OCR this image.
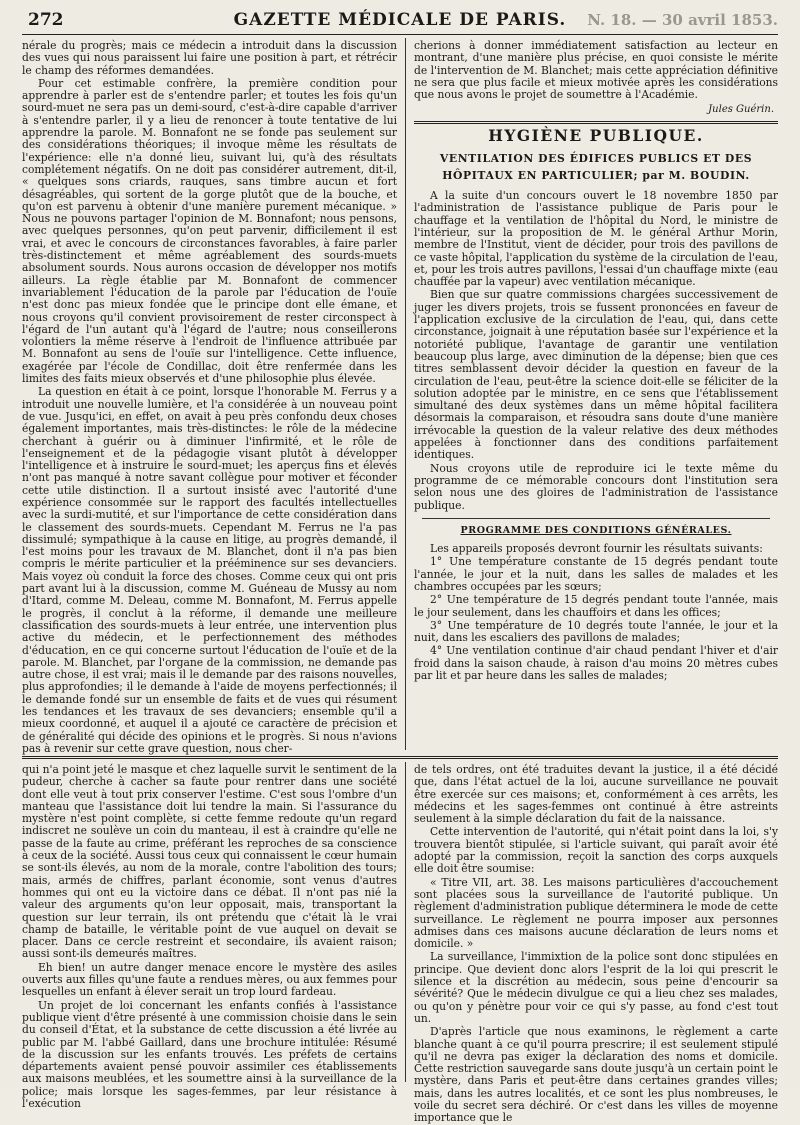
272	GAZETTE MÉDICALE DE PARIS.	N. 18. — 30 avril 1853.

nérale du progrès; mais ce médecin a introduit dans la discussion des vues qui nous paraissent lui faire une position à part, et rétrécir le champ des réformes demandées.

Pour cet estimable confrère, la première condition pour apprendre à parler est de s'entendre parler; et toutes les fois qu'un sourd-muet ne sera pas un demi-sourd, c'est-à-dire capable d'arriver à s'entendre parler, il y a lieu de renoncer à toute tentative de lui apprendre la parole. M. Bonnafont ne se fonde pas seulement sur des considérations théoriques; il invoque même les résultats de l'expérience: elle n'a donné lieu, suivant lui, qu'à des résultats complétement négatifs. On ne doit pas considérer autrement, dit-il, « quelques sons criards, rauques, sans timbre aucun et fort désagréables, qui sortent de la gorge plutôt que de la bouche, et qu'on est parvenu à obtenir d'une manière purement mécanique. » Nous ne pouvons partager l'opinion de M. Bonnafont; nous pensons, avec quelques personnes, qu'on peut parvenir, difficilement il est vrai, et avec le concours de circonstances favorables, à faire parler très-distinctement et même agréablement des sourds-muets absolument sourds. Nous aurons occasion de développer nos motifs ailleurs. La règle établie par M. Bonnafont de commencer invariablement l'éducation de la parole par l'éducation de l'ouïe n'est donc pas mieux fondée que le principe dont elle émane, et nous croyons qu'il convient provisoirement de rester circonspect à l'égard de l'un autant qu'à l'égard de l'autre; nous conseillerons volontiers la même réserve à l'endroit de l'influence attribuée par M. Bonnafont au sens de l'ouïe sur l'intelligence. Cette influence, exagérée par l'école de Condillac, doit être renfermée dans les limites des faits mieux observés et d'une philosophie plus élevée.

La question en était à ce point, lorsque l'honorable M. Ferrus y a introduit une nouvelle lumière, et l'a considérée à un nouveau point de vue. Jusqu'ici, en effet, on avait à peu près confondu deux choses également importantes, mais très-distinctes: le rôle de la médecine cherchant à guérir ou à diminuer l'infirmité, et le rôle de l'enseignement et de la pédagogie visant plutôt à développer l'intelligence et à instruire le sourd-muet; les aperçus fins et élevés n'ont pas manqué à notre savant collègue pour motiver et féconder cette utile distinction. Il a surtout insisté avec l'autorité d'une expérience consommée sur le rapport des facultés intellectuelles avec la surdi-mutité, et sur l'importance de cette considération dans le classement des sourds-muets. Cependant M. Ferrus ne l'a pas dissimulé; sympathique à la cause en litige, au progrès demandé, il l'est moins pour les travaux de M. Blanchet, dont il n'a pas bien compris le mérite particulier et la prééminence sur ses devanciers. Mais voyez où conduit la force des choses. Comme ceux qui ont pris part avant lui à la discussion, comme M. Guéneau de Mussy au nom d'Itard, comme M. Deleau, comme M. Bonnafont, M. Ferrus appelle le progrès, il conclut à la réforme, il demande une meilleure classification des sourds-muets à leur entrée, une intervention plus active du médecin, et le perfectionnement des méthodes d'éducation, en ce qui concerne surtout l'éducation de l'ouïe et de la parole. M. Blanchet, par l'organe de la commission, ne demande pas autre chose, il est vrai; mais il le demande par des raisons nouvelles, plus approfondies; il le demande à l'aide de moyens perfectionnés; il le demande fondé sur un ensemble de faits et de vues qui résument les tendances et les travaux de ses devanciers; ensemble qu'il a mieux coordonné, et auquel il a ajouté ce caractère de précision et de généralité qui décide des opinions et le progrès. Si nous n'avions pas à revenir sur cette grave question, nous cher-

cherions à donner immédiatement satisfaction au lecteur en montrant, d'une manière plus précise, en quoi consiste le mérite de l'intervention de M. Blanchet; mais cette appréciation définitive ne sera que plus facile et mieux motivée après les considérations que nous avons le projet de soumettre à l'Académie.

Jules Guérin.
HYGIÈNE PUBLIQUE.
VENTILATION DES ÉDIFICES PUBLICS ET DES HÔPITAUX EN PARTICULIER; par M. BOUDIN.

A la suite d'un concours ouvert le 18 novembre 1850 par l'administration de l'assistance publique de Paris pour le chauffage et la ventilation de l'hôpital du Nord, le ministre de l'intérieur, sur la proposition de M. le général Arthur Morin, membre de l'Institut, vient de décider, pour trois des pavillons de ce vaste hôpital, l'application du système de la circulation de l'eau, et, pour les trois autres pavillons, l'essai d'un chauffage mixte (eau chauffée par la vapeur) avec ventilation mécanique.

Bien que sur quatre commissions chargées successivement de juger les divers projets, trois se fussent prononcées en faveur de l'application exclusive de la circulation de l'eau, qui, dans cette circonstance, joignait à une réputation basée sur l'expérience et la notoriété publique, l'avantage de garantir une ventilation beaucoup plus large, avec diminution de la dépense; bien que ces titres semblassent devoir décider la question en faveur de la circulation de l'eau, peut-être la science doit-elle se féliciter de la solution adoptée par le ministre, en ce sens que l'établissement simultané des deux systèmes dans un même hôpital facilitera désormais la comparaison, et résoudra sans doute d'une manière irrévocable la question de la valeur relative des deux méthodes appelées à fonctionner dans des conditions parfaitement identiques.

Nous croyons utile de reproduire ici le texte même du programme de ce mémorable concours dont l'institution sera selon nous une des gloires de l'administration de l'assistance publique.

PROGRAMME DES CONDITIONS GÉNÉRALES.

Les appareils proposés devront fournir les résultats suivants:

1° Une température constante de 15 degrés pendant toute l'année, le jour et la nuit, dans les salles de malades et les chambres occupées par les sœurs;

2° Une température de 15 degrés pendant toute l'année, mais le jour seulement, dans les chauffoirs et dans les offices;

3° Une température de 10 degrés toute l'année, le jour et la nuit, dans les escaliers des pavillons de malades;

4° Une ventilation continue d'air chaud pendant l'hiver et d'air froid dans la saison chaude, à raison d'au moins 20 mètres cubes par lit et par heure dans les salles de malades;

qui n'a point jeté le masque et chez laquelle survit le sentiment de la pudeur, cherche à cacher sa faute pour rentrer dans une société dont elle veut à tout prix conserver l'estime. C'est sous l'ombre d'un manteau que l'assistance doit lui tendre la main. Si l'assurance du mystère n'est point complète, si cette femme redoute qu'un regard indiscret ne soulève un coin du manteau, il est à craindre qu'elle ne passe de la faute au crime, préférant les reproches de sa conscience à ceux de la société. Aussi tous ceux qui connaissent le cœur humain se sont-ils élevés, au nom de la morale, contre l'abolition des tours; mais, armés de chiffres, parlant économie, sont venus d'autres hommes qui ont eu la victoire dans ce débat. Il n'ont pas nié la valeur des arguments qu'on leur opposait, mais, transportant la question sur leur terrain, ils ont prétendu que c'était là le vrai champ de bataille, le véritable point de vue auquel on devait se placer. Dans ce cercle restreint et secondaire, ils avaient raison; aussi sont-ils demeurés maîtres.

Eh bien! un autre danger menace encore le mystère des asiles ouverts aux filles qu'une faute a rendues mères, ou aux femmes pour lesquelles un enfant à élever serait un trop lourd fardeau.

Un projet de loi concernant les enfants confiés à l'assistance publique vient d'être présenté à une commission choisie dans le sein du conseil d'État, et la substance de cette discussion a été livrée au public par M. l'abbé Gaillard, dans une brochure intitulée: Résumé de la discussion sur les enfants trouvés. Les préfets de certains départements avaient pensé pouvoir assimiler ces établissements aux maisons meublées, et les soumettre ainsi à la surveillance de la police; mais lorsque les sages-femmes, par leur résistance à l'exécution

de tels ordres, ont été traduites devant la justice, il a été décidé que, dans l'état actuel de la loi, aucune surveillance ne pouvait être exercée sur ces maisons; et, conformément à ces arrêts, les médecins et les sages-femmes ont continué à être astreints seulement à la simple déclaration du fait de la naissance.

Cette intervention de l'autorité, qui n'était point dans la loi, s'y trouvera bientôt stipulée, si l'article suivant, qui paraît avoir été adopté par la commission, reçoit la sanction des corps auxquels elle doit être soumise:

« Titre VII, art. 38. Les maisons particulières d'accouchement sont placées sous la surveillance de l'autorité publique. Un règlement d'administration publique déterminera le mode de cette surveillance. Le règlement ne pourra imposer aux personnes admises dans ces maisons aucune déclaration de leurs noms et domicile. »

La surveillance, l'immixtion de la police sont donc stipulées en principe. Que devient donc alors l'esprit de la loi qui prescrit le silence et la discrétion au médecin, sous peine d'encourir sa sévérité? Que le médecin divulgue ce qui a lieu chez ses malades, ou qu'on y pénètre pour voir ce qui s'y passe, au fond c'est tout un.

D'après l'article que nous examinons, le règlement a carte blanche quant à ce qu'il pourra prescrire; il est seulement stipulé qu'il ne devra pas exiger la déclaration des noms et domicile. Cette restriction sauvegarde sans doute jusqu'à un certain point le mystère, dans Paris et peut-être dans certaines grandes villes; mais, dans les autres localités, et ce sont les plus nombreuses, le voile du secret sera déchiré. Or c'est dans les villes de moyenne importance que le
